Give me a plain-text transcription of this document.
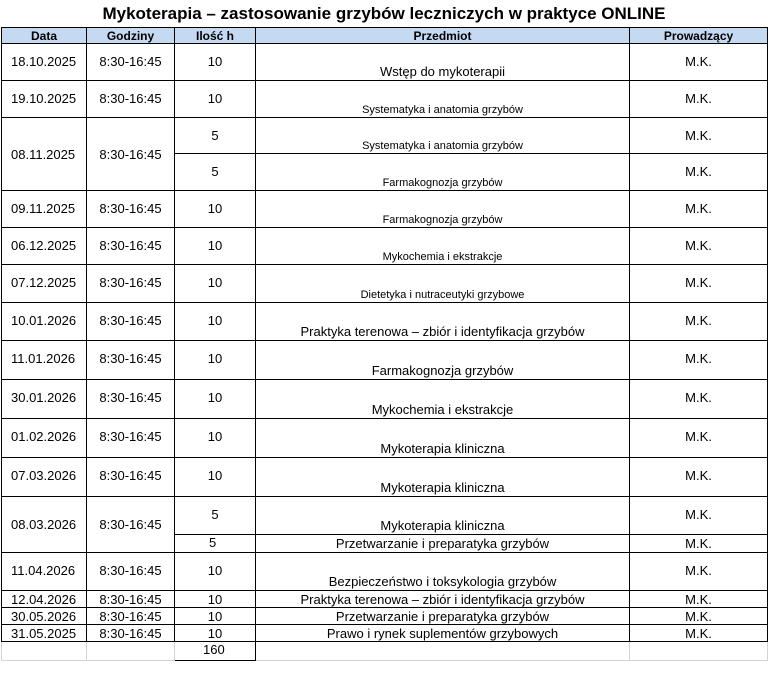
Mykoterapia – zastosowanie grzybów leczniczych w praktyce ONLINE
Data	Godziny	Ilość h	Przedmiot	Prowadzący
18.10.2025	8:30-16:45	10	Wstęp do mykoterapii	M.K.
19.10.2025	8:30-16:45	10	Systematyka i anatomia grzybów	M.K.
08.11.2025	8:30-16:45	5	Systematyka i anatomia grzybów	M.K.
		5	Farmakognozja grzybów	M.K.
09.11.2025	8:30-16:45	10	Farmakognozja grzybów	M.K.
06.12.2025	8:30-16:45	10	Mykochemia i ekstrakcje	M.K.
07.12.2025	8:30-16:45	10	Dietetyka i nutraceutyki grzybowe	M.K.
10.01.2026	8:30-16:45	10	Praktyka terenowa – zbiór i identyfikacja grzybów	M.K.
11.01.2026	8:30-16:45	10	Farmakognozja grzybów	M.K.
30.01.2026	8:30-16:45	10	Mykochemia i ekstrakcje	M.K.
01.02.2026	8:30-16:45	10	Mykoterapia kliniczna	M.K.
07.03.2026	8:30-16:45	10	Mykoterapia kliniczna	M.K.
08.03.2026	8:30-16:45	5	Mykoterapia kliniczna	M.K.
		5	Przetwarzanie i preparatyka grzybów	M.K.
11.04.2026	8:30-16:45	10	Bezpieczeństwo i toksykologia grzybów	M.K.
12.04.2026	8:30-16:45	10	Praktyka terenowa – zbiór i identyfikacja grzybów	M.K.
30.05.2026	8:30-16:45	10	Przetwarzanie i preparatyka grzybów	M.K.
31.05.2025	8:30-16:45	10	Prawo i rynek suplementów grzybowych	M.K.
		160		
